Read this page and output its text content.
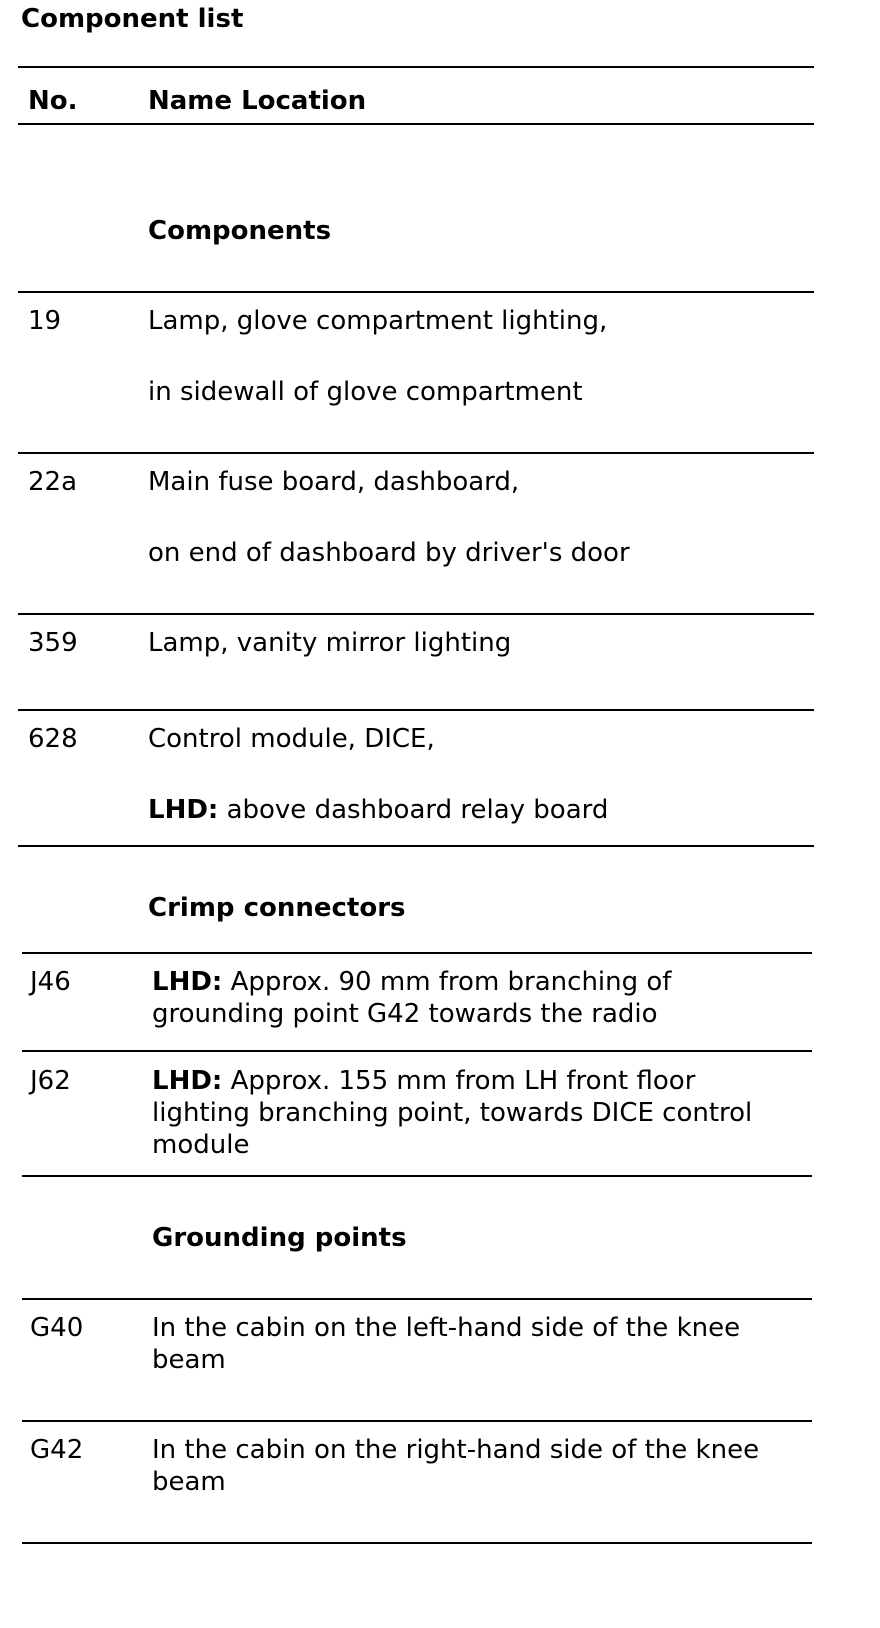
Component list
No.	Name Location
Components
19	Lamp, glove compartment lighting,
in sidewall of glove compartment
22a	Main fuse board, dashboard,
on end of dashboard by driver's door
359	Lamp, vanity mirror lighting
628	Control module, DICE,
LHD: above dashboard relay board
Crimp connectors
J46	LHD: Approx. 90 mm from branching of
grounding point G42 towards the radio
J62	LHD: Approx. 155 mm from LH front floor
lighting branching point, towards DICE control
module
Grounding points
G40	In the cabin on the left-hand side of the knee
beam
G42	In the cabin on the right-hand side of the knee
beam
